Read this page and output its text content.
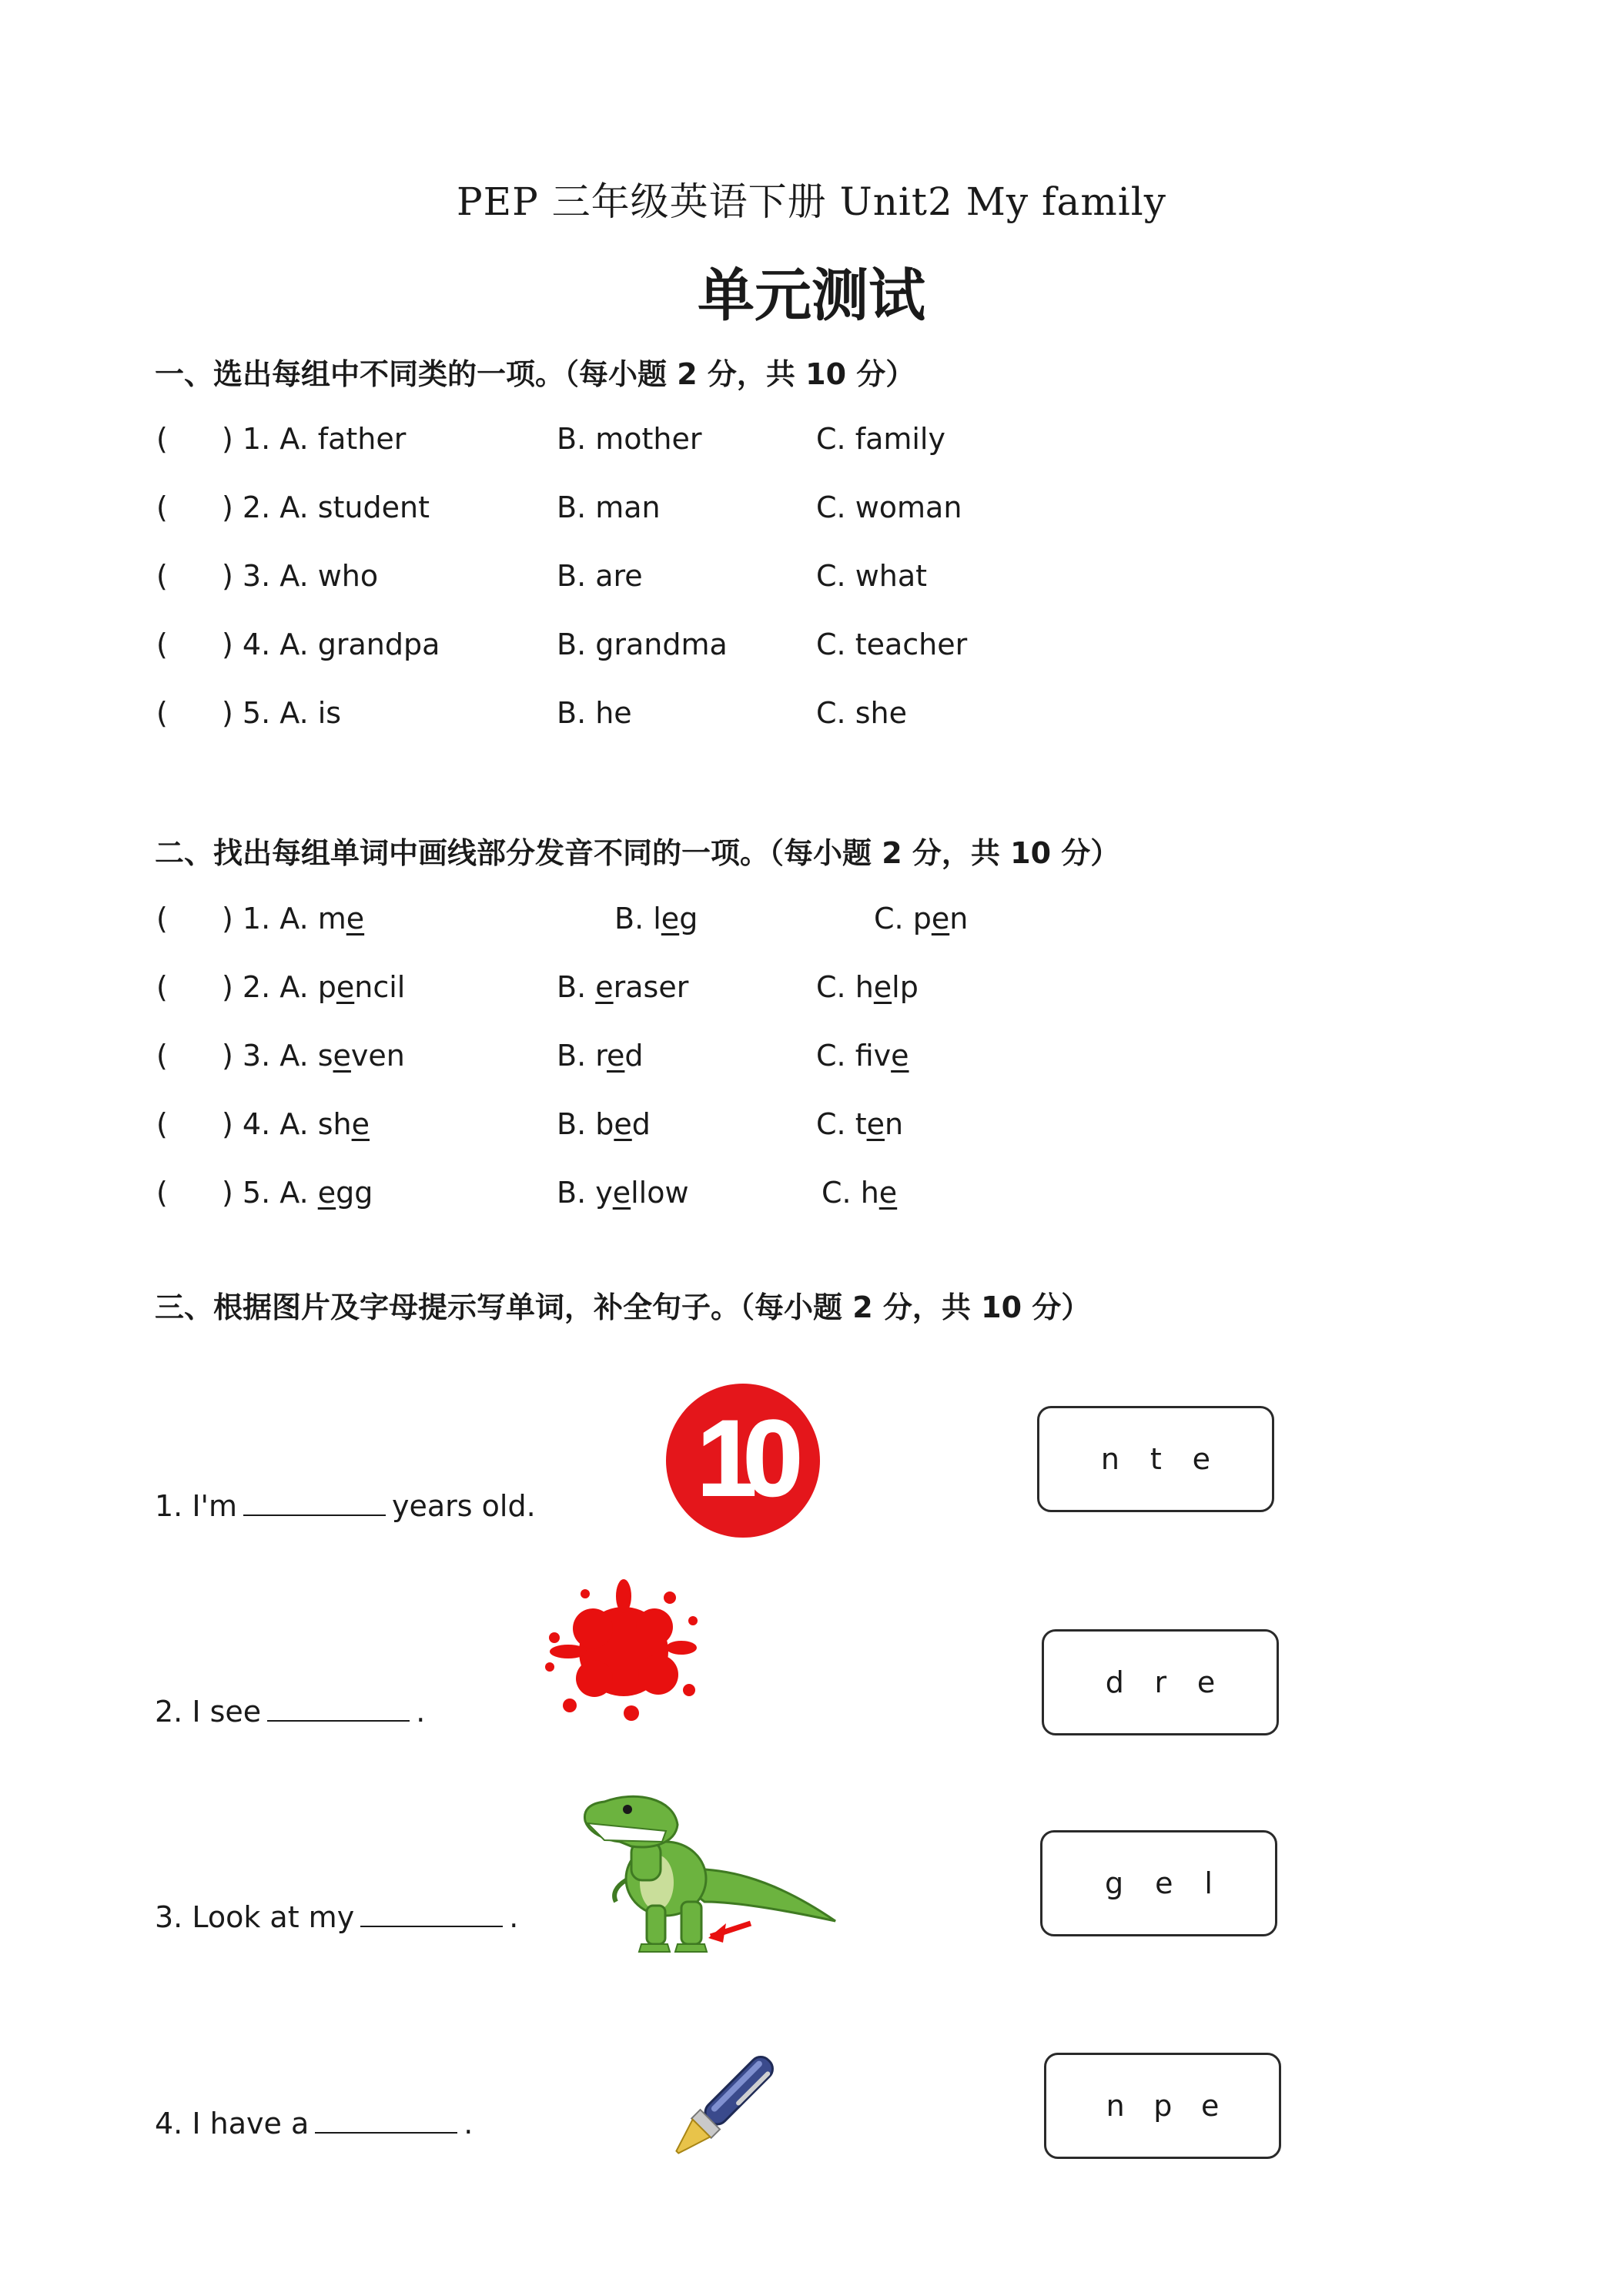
PEP 三年级英语下册 Unit2 My family
单元测试
一、选出每组中不同类的一项。（每小题 2 分，共 10 分）
( ) 1. A. father	B. mother	C. family
( ) 2. A. student	B. man	C. woman
( ) 3. A. who	B. are	C. what
( ) 4. A. grandpa	B. grandma	C. teacher
( ) 5. A. is	B. he	C. she
二、找出每组单词中画线部分发音不同的一项。（每小题 2 分，共 10 分）
( ) 1. A. me	B. leg	C. pen
( ) 2. A. pencil	B. eraser	C. help
( ) 3. A. seven	B. red	C. five
( ) 4. A. she	B. bed	C. ten
( ) 5. A. egg	B. yellow	C. he
三、根据图片及字母提示写单词，补全句子。（每小题 2 分，共 10 分）
1. I'm	years old. 10	n t e
2. I see	.
d r e
3. Look at my	.
g e l
4. I have a	.
n p e
